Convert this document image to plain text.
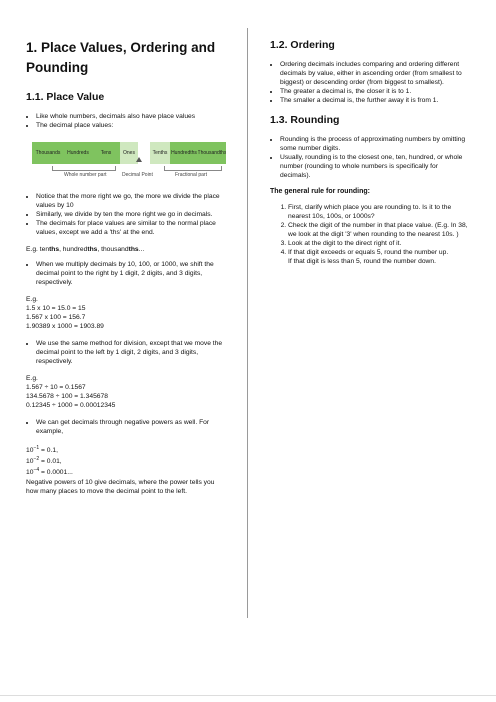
1. Place Values, Ordering and Pounding
1.1. Place Value
• Like whole numbers, decimals also have place values
• The decimal place values:
Thousands	Hundreds	Tens	Ones	Tenths Hundredths Thousandths
Whole number part	Decimal Point	Fractional part
• Notice that the more right we go, the more we divide the place values by 10
• Similarly, we divide by ten the more right we go in decimals.
• The decimals for place values are similar to the normal place values, except we add a 'ths' at the end.

E.g. tenths, hundredths, thousandths...

• When we multiply decimals by 10, 100, or 1000, we shift the decimal point to the right by 1 digit, 2 digits, and 3 digits, respectively.

E.g.

1.5 x 10 = 15.0 = 15

1.567 x 100 = 156.7

1.90389 x 1000 = 1903.89

• We use the same method for division, except that we move the decimal point to the left by 1 digit, 2 digits, and 3 digits, respectively.

E.g.

1.567 ÷ 10 = 0.1567

134.5678 ÷ 100 = 1.345678

0.12345 ÷ 1000 = 0.00012345

• We can get decimals through negative powers as well. For example,

$10^{-1} = 0.1$,

$10^{-2} = 0.01$,

$10^{-4} = 0.0001$...

Negative powers of 10 give decimals, where the power tells you how many places to move the decimal point to the left.

1.2. Ordering
• Ordering decimals includes comparing and ordering different decimals by value, either in ascending order (from smallest to biggest) or descending order (from biggest to smallest).
• The greater a decimal is, the closer it is to 1.
• The smaller a decimal is, the further away it is from 1.
1.3. Rounding
• Rounding is the process of approximating numbers by omitting some number digits.
• Usually, rounding is to the closest one, ten, hundred, or whole number (rounding to whole numbers is specifically for decimals).
The general rule for rounding:
1. First, clarify which place you are rounding to. Is it to the nearest 10s, 100s, or 1000s?
2. Check the digit of the number in that place value. (E.g. In 38, we look at the digit '3' when rounding to the nearest 10s. )
3. Look at the digit to the direct right of it.
4. If that digit exceeds or equals 5, round the number up.
If that digit is less than 5, round the number down.
